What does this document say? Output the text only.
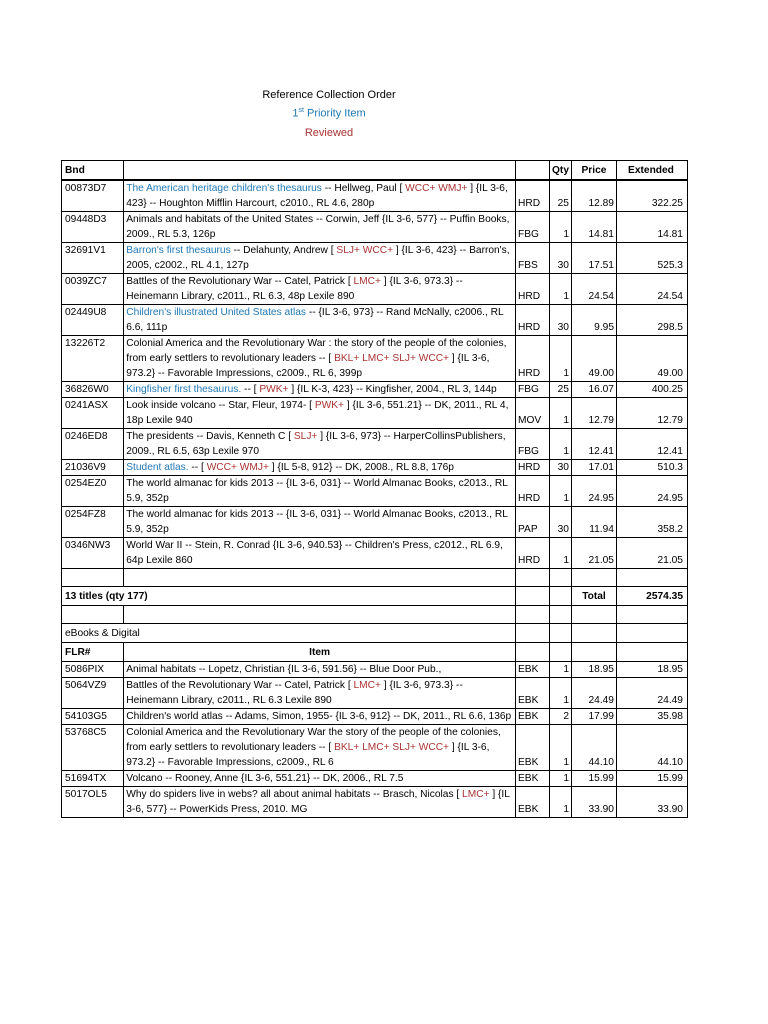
Reference Collection Order
1st Priority Item
Reviewed
Bnd			Qty	Price	Extended
00873D7	The American heritage children's thesaurus -- Hellweg, Paul [ WCC+ WMJ+ ] {IL 3-6, 423} -- Houghton Mifflin Harcourt, c2010., RL 4.6, 280p	HRD	25	12.89	322.25
09448D3	Animals and habitats of the United States -- Corwin, Jeff {IL 3-6, 577} -- Puffin Books, 2009., RL 5.3, 126p	FBG	1	14.81	14.81
32691V1	Barron's first thesaurus -- Delahunty, Andrew [ SLJ+ WCC+ ] {IL 3-6, 423} -- Barron's, 2005, c2002., RL 4.1, 127p	FBS	30	17.51	525.3
0039ZC7	Battles of the Revolutionary War -- Catel, Patrick [ LMC+ ] {IL 3-6, 973.3} -- Heinemann Library, c2011., RL 6.3, 48p Lexile 890	HRD	1	24.54	24.54
02449U8	Children's illustrated United States atlas -- {IL 3-6, 973} -- Rand McNally, c2006., RL 6.6, 111p	HRD	30	9.95	298.5
13226T2	Colonial America and the Revolutionary War : the story of the people of the colonies, from early settlers to revolutionary leaders -- [ BKL+ LMC+ SLJ+ WCC+ ] {IL 3-6, 973.2} -- Favorable Impressions, c2009., RL 6, 399p	HRD	1	49.00	49.00
36826W0	Kingfisher first thesaurus. -- [ PWK+ ] {IL K-3, 423} -- Kingfisher, 2004., RL 3, 144p	FBG	25	16.07	400.25
0241ASX	Look inside volcano -- Star, Fleur, 1974- [ PWK+ ] {IL 3-6, 551.21} -- DK, 2011., RL 4, 18p Lexile 940	MOV	1	12.79	12.79
0246ED8	The presidents -- Davis, Kenneth C [ SLJ+ ] {IL 3-6, 973} -- HarperCollinsPublishers, 2009., RL 6.5, 63p Lexile 970	FBG	1	12.41	12.41
21036V9	Student atlas. -- [ WCC+ WMJ+ ] {IL 5-8, 912} -- DK, 2008., RL 8.8, 176p	HRD	30	17.01	510.3
0254EZ0	The world almanac for kids 2013 -- {IL 3-6, 031} -- World Almanac Books, c2013., RL 5.9, 352p	HRD	1	24.95	24.95
0254FZ8	The world almanac for kids 2013 -- {IL 3-6, 031} -- World Almanac Books, c2013., RL 5.9, 352p	PAP	30	11.94	358.2
0346NW3	World War II -- Stein, R. Conrad {IL 3-6, 940.53} -- Children's Press, c2012., RL 6.9, 64p Lexile 860	HRD	1	21.05	21.05

13 titles (qty 177)				Total	2574.35

eBooks & Digital					
FLR#	Item				
5086PIX	Animal habitats -- Lopetz, Christian {IL 3-6, 591.56} -- Blue Door Pub.,	EBK	1	18.95	18.95
5064VZ9	Battles of the Revolutionary War -- Catel, Patrick [ LMC+ ] {IL 3-6, 973.3} -- Heinemann Library, c2011., RL 6.3 Lexile 890	EBK	1	24.49	24.49
54103G5	Children's world atlas -- Adams, Simon, 1955- {IL 3-6, 912} -- DK, 2011., RL 6.6, 136p	EBK	2	17.99	35.98
53768C5	Colonial America and the Revolutionary War the story of the people of the colonies, from early settlers to revolutionary leaders -- [ BKL+ LMC+ SLJ+ WCC+ ] {IL 3-6, 973.2} -- Favorable Impressions, c2009., RL 6	EBK	1	44.10	44.10
51694TX	Volcano -- Rooney, Anne {IL 3-6, 551.21} -- DK, 2006., RL 7.5	EBK	1	15.99	15.99
5017OL5	Why do spiders live in webs? all about animal habitats -- Brasch, Nicolas [ LMC+ ] {IL 3-6, 577} -- PowerKids Press, 2010. MG	EBK	1	33.90	33.90
